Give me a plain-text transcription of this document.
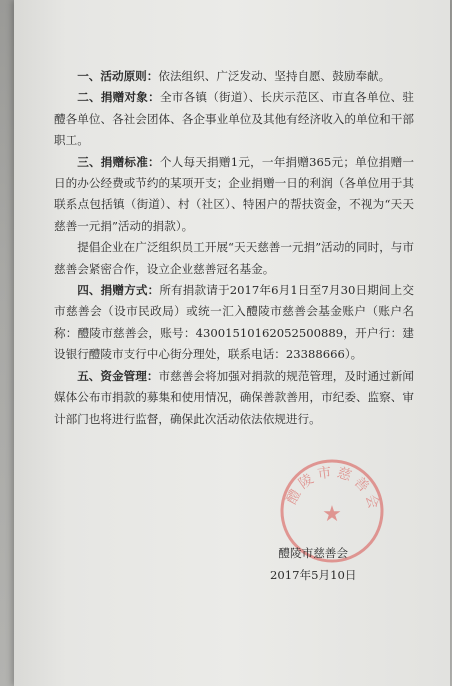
一、活动原则：依法组织、广泛发动、坚持自愿、鼓励奉献。

二、捐赠对象：全市各镇（街道）、长庆示范区、市直各单位、驻醴各单位、各社会团体、各企事业单位及其他有经济收入的单位和干部职工。

三、捐赠标准：个人每天捐赠1元，一年捐赠365元；单位捐赠一日的办公经费或节约的某项开支；企业捐赠一日的利润（各单位用于其联系点包括镇（街道）、村（社区）、特困户的帮扶资金，不视为“天天慈善一元捐”活动的捐款）。

提倡企业在广泛组织员工开展“天天慈善一元捐”活动的同时，与市慈善会紧密合作，设立企业慈善冠名基金。

四、捐赠方式：所有捐款请于2017年6月1日至7月30日期间上交市慈善会（设市民政局）或统一汇入醴陵市慈善会基金账户（账户名称：醴陵市慈善会，账号：43001510162052500889，开户行：建设银行醴陵市支行中心街分理处，联系电话：23388666）。

五、资金管理：市慈善会将加强对捐款的规范管理，及时通过新闻媒体公布市捐款的募集和使用情况，确保善款善用，市纪委、监察、审计部门也将进行监督，确保此次活动依法依规进行。

醴陵市慈善会
★
醴陵市慈善会
2017年5月10日
